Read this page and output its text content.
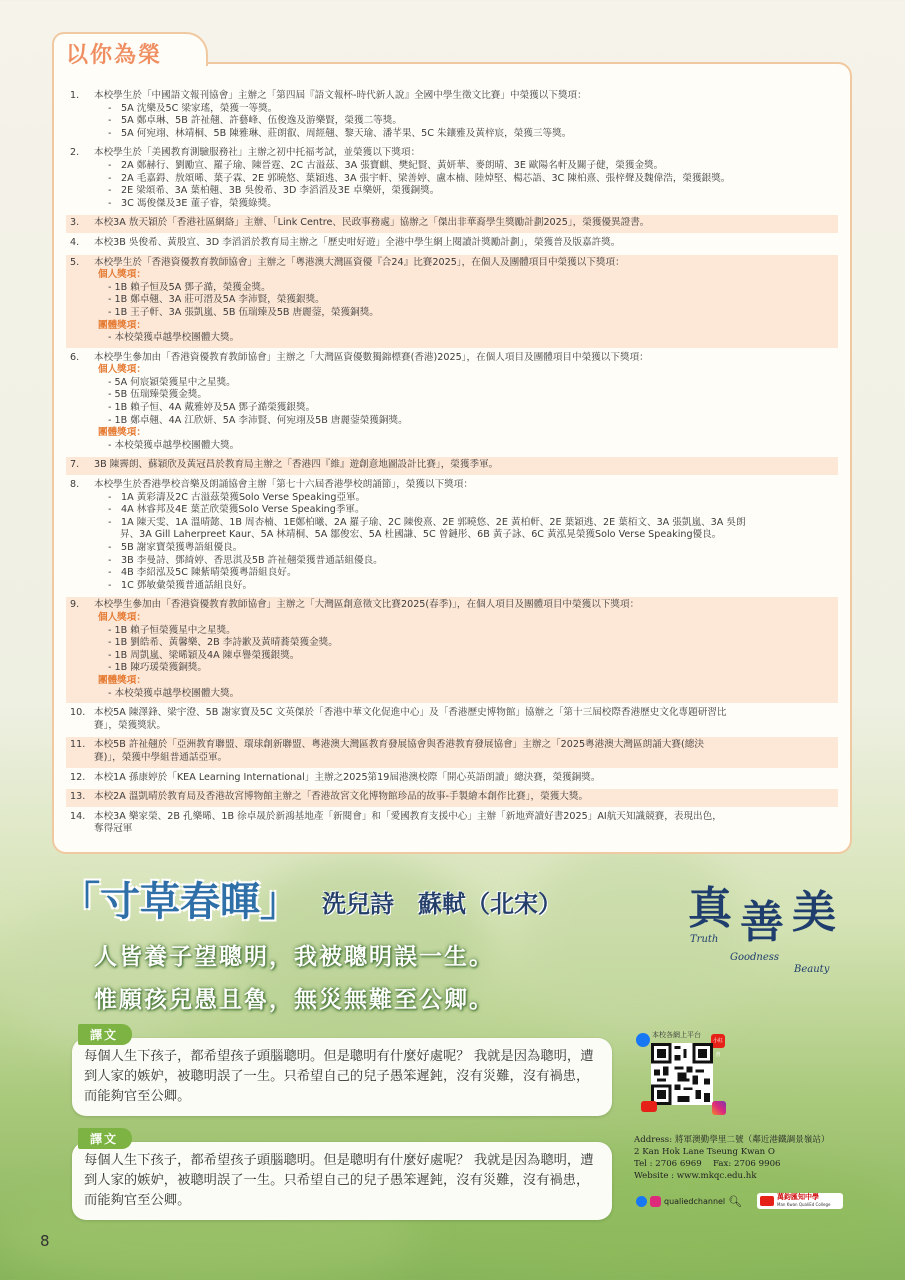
以你為榮
1.	本校學生於「中國語文報刊協會」主辦之「第四屆『語文報杯-時代新人說』全國中學生徵文比賽」中榮獲以下獎項：
-　5A 沈樂及5C 梁家瑤，榮獲一等獎。
-　5A 鄭卓琳、5B 許祉翹、許藝峰、伍俊逸及游樂賢，榮獲二等獎。
-　5A 何宛翊、林靖桐、5B 陳雅琳、莊朗叡、周經翹、黎天瑜、潘芊果、5C 朱鑲雅及黃梓宸，榮獲三等獎。
2.	本校學生於「美國教育測驗服務社」主辦之初中托福考試，並榮獲以下獎項：
-　2A 鄭赫行、劉勵宣、羅子瑜、陳晉霆、2C 古溢茲、3A 張寶麒、樊紀賢、黃妍華、麥朗晴、3E 歐陽名軒及關子健，榮獲金獎。
-　2A 毛嘉鍀、敖頌晞、葉子霖、2E 郭曉悠、葉穎逃、3A 張宇軒、梁善婷、盧本楠、陸焯堅、楊芯語、3C 陳柏熹、張梓聲及魏偉浩，榮獲銀獎。
-　2E 梁頌希、3A 葉柏翹、3B 吳俊希、3D 李滔滔及3E 卓樂妍，榮獲銅獎。
-　3C 馮俊傑及3E 董子睿，榮獲綠獎。
3.	本校3A 敖天穎於「香港社區網絡」主辦、「Link Centre、民政事務處」協辦之「傑出非華裔學生獎勵計劃2025」，榮獲優異證書。
4.	本校3B 吳俊希、黃殷宣、3D 李滔滔於教育局主辦之「歷史咁好遊」全港中學生網上閱讀計獎勵計劃」，榮獲普及版嘉許獎。
5.	本校學生於「香港資優教育教師協會」主辦之「粵港澳大灣區資優『合24』比賽2025」，在個人及團體項目中榮獲以下獎項：
個人獎項：
- 1B 賴子恒及5A 鄧子澔，榮獲金獎。
- 1B 鄭卓翹、3A 莊可溍及5A 李沛賢，榮獲銀獎。
- 1B 王子軒、3A 張凱嵐、5B 伍瑞臻及5B 唐麗蓥，榮獲銅獎。
團體獎項：
- 本校榮獲卓越學校團體大獎。
6.	本校學生參加由「香港資優教育教師協會」主辦之「大灣區資優數獨錦標賽(香港)2025」，在個人項目及團體項目中榮獲以下獎項：
個人獎項：
- 5A 何宸穎榮獲星中之星獎。
- 5B 伍瑞臻榮獲金獎。
- 1B 賴子恒、4A 戴雅婷及5A 鄧子澔榮獲銀獎。
- 1B 鄭卓翹、4A 江欣妍、5A 李沛賢、何宛翊及5B 唐麗蓥榮獲銅獎。
團體獎項：
- 本校榮獲卓越學校團體大獎。
7.	3B 陳霽朗、蘇穎欣及黃冠昌於教育局主辦之「香港四『維』遊創意地圖設計比賽」，榮獲季軍。
8.	本校學生於香港學校音樂及朗誦協會主辦「第七十六屆香港學校朗誦節」，榮獲以下獎項：
-　1A 黃彩濤及2C 古溢茲榮獲Solo Verse Speaking亞軍。
-　4A 林睿邦及4E 葉芷欣榮獲Solo Verse Speaking季軍。
-　1A 陳天雯、1A 溫晴懿、1B 周杏楠、1E鄭柏曦、2A 羅子瑜、2C 陳俊熹、2E 郭曉悠、2E 黃柏軒、2E 葉穎逃、2E 葉栢文、3A 張凱嵐、3A 吳朗
昇、3A Gill Laherpreet Kaur、5A 林靖桐、5A 鄒俊宏、5A 杜國謙、5C 曾鏈彤、6B 黃子詠、6C 黃泓晃榮獲Solo Verse Speaking優良。
-　5B 謝家寶榮獲粵語組優良。
-　3B 李曼詩、鄧綺婷、香思淇及5B 許祉翹榮獲普通話組優良。
-　4B 李紹泓及5C 陳紫晴榮獲粵語組良好。
-　1C 鄧敏彙榮獲普通話組良好。
9.	本校學生參加由「香港資優教育教師協會」主辦之「大灣區創意徵文比賽2025(春季)」，在個人項目及團體項目中榮獲以下獎項：
個人獎項：
- 1B 賴子恒榮獲星中之星獎。
- 1B 劉皓希、黃馨樂、2B 李詩歉及黃晴蕎榮獲金獎。
- 1B 周凱嵐、梁晞穎及4A 陳卓譽榮獲銀獎。
- 1B 陳巧瑗榮獲銅獎。
團體獎項：
- 本校榮獲卓越學校團體大獎。
10. 本校5A 陳澤鋒、梁宇澄、5B 謝家寶及5C 文英傑於「香港中華文化促進中心」及「香港歷史博物館」協辦之「第十三屆校際香港歷史文化專題研習比
賽」，榮獲獎狀。
11. 本校5B 許祉翹於「亞洲教育聯盟、環球創新聯盟、粵港澳大灣區教育發展協會與香港教育發展協會」主辦之「2025粵港澳大灣區朗誦大賽(總決
賽)」，榮獲中學組普通話亞軍。
12. 本校1A 孫康婷於「KEA Learning International」主辦之2025第19屆港澳校際「開心英語朗讀」總決賽，榮獲銅獎。
13. 本校2A 溫凱晴於教育局及香港故宮博物館主辦之「香港故宮文化博物館珍品的故事-手製繪本創作比賽」，榮獲大獎。
14. 本校3A 樂家榮、2B 孔樂晞、1B 徐卓晟於新鴻基地產「新閱會」和「愛國教育支援中心」主辦「新地齊讀好書2025」AI航天知識競賽，表現出色，
奪得冠軍
「寸草春暉」 洗兒詩　蘇軾（北宋）
人皆養子望聰明，我被聰明誤一生。
惟願孩兒愚且魯，無災無難至公卿。
每個人生下孩子，都希望孩子頭腦聰明。但是聰明有什麼好處呢？ 我就是因為聰明，遭到人家的嫉妒，被聰明誤了一生。只希望自己的兒子愚笨遲鈍，沒有災難，沒有禍患，而能夠官至公卿。
譯文
每個人生下孩子，都希望孩子頭腦聰明。但是聰明有什麼好處呢？ 我就是因為聰明，遭到人家的嫉妒，被聰明誤了一生。只希望自己的兒子愚笨遲鈍，沒有災難，沒有禍患，而能夠官至公卿。
譯文
真 善 美
Truth
Goodness
Beauty
本校各網上平台
小紅書
Address: 將軍澳勤學里二號（鄰近港鐵調景嶺站）
2 Kan Hok Lane Tseung Kwan O
Tel : 2706 6969　 Fax: 2706 9906
Website : www.mkqc.edu.hk
qualiedchannel 🔍︎	萬鈞匯知中學
Man Kwan QualiEd College
8
